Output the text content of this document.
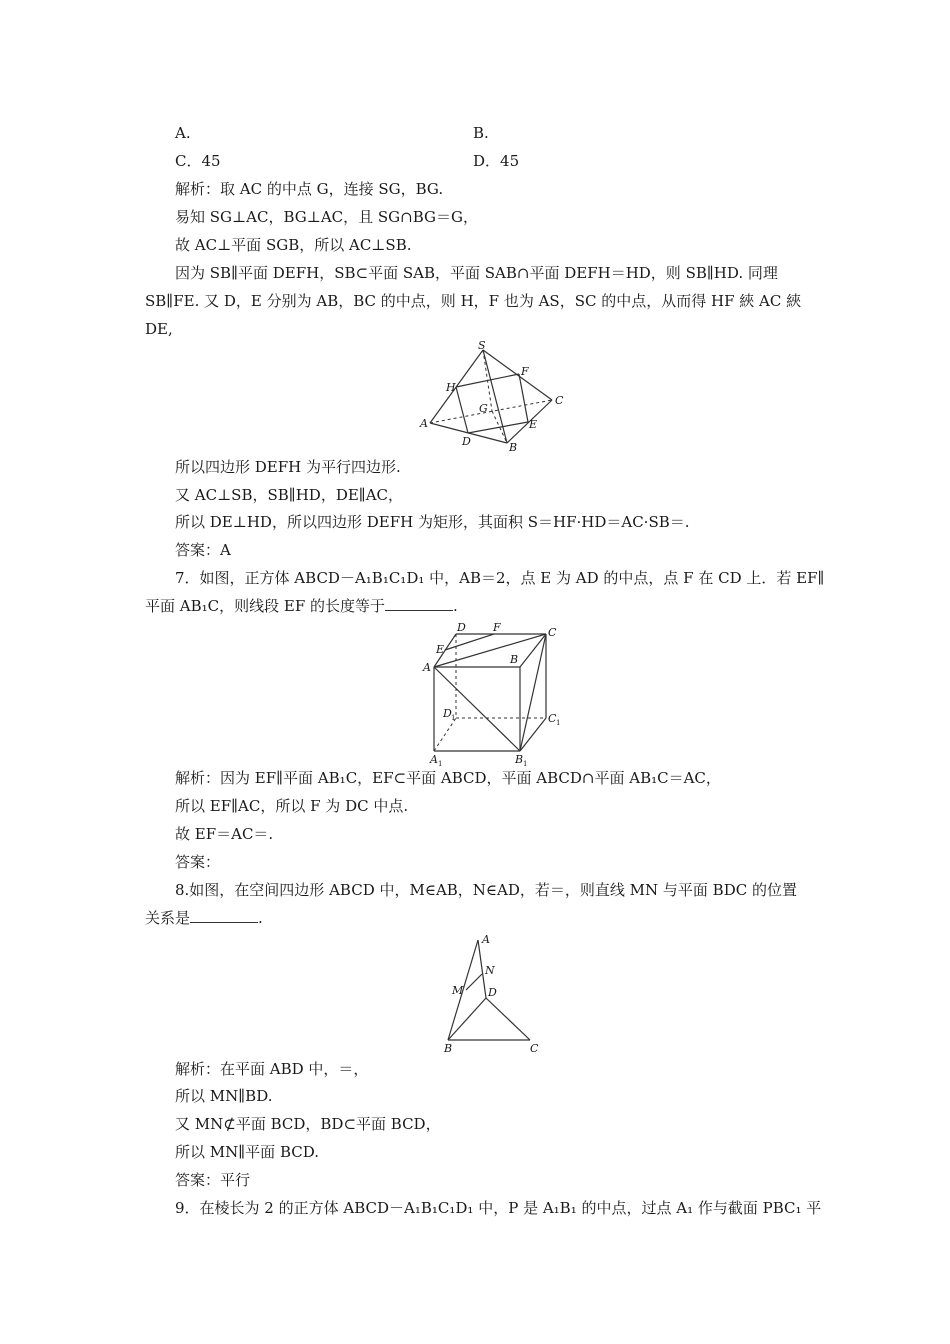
A.	B.
C．45	D．45
解析：取 AC 的中点 G，连接 SG，BG.
易知 SG⊥AC，BG⊥AC，且 SG∩BG＝G，
故 AC⊥平面 SGB，所以 AC⊥SB.
因为 SB∥平面 DEFH，SB⊂平面 SAB，平面 SAB∩平面 DEFH＝HD，则 SB∥HD. 同理
SB∥FE. 又 D，E 分别为 AB，BC 的中点，则 H，F 也为 AS，SC 的中点，从而得 HF 綊 AC 綊
DE,
S
H
F
G
C
A
D
E
B
所以四边形 DEFH 为平行四边形.
又 AC⊥SB，SB∥HD，DE∥AC，
所以 DE⊥HD，所以四边形 DEFH 为矩形，其面积 S＝HF·HD＝AC·SB＝.
答案：A
7．如图，正方体 ABCD－A₁B₁C₁D₁ 中，AB＝2，点 E 为 AD 的中点，点 F 在 CD 上．若 EF∥
平面 AB₁C，则线段 EF 的长度等于	.
D F	C
E
B
A
D 1	C 1
A 1	B 1
解析：因为 EF∥平面 AB₁C，EF⊂平面 ABCD，平面 ABCD∩平面 AB₁C＝AC，
所以 EF∥AC，所以 F 为 DC 中点.
故 EF＝AC＝.
答案：
8.如图，在空间四边形 ABCD 中，M∈AB，N∈AD，若＝，则直线 MN 与平面 BDC 的位置
关系是	.
A
N
M D
B	C
解析：在平面 ABD 中，＝，
所以 MN∥BD.
又 MN⊄平面 BCD，BD⊂平面 BCD，
所以 MN∥平面 BCD.
答案：平行
9．在棱长为 2 的正方体 ABCD－A₁B₁C₁D₁ 中，P 是 A₁B₁ 的中点，过点 A₁ 作与截面 PBC₁ 平
